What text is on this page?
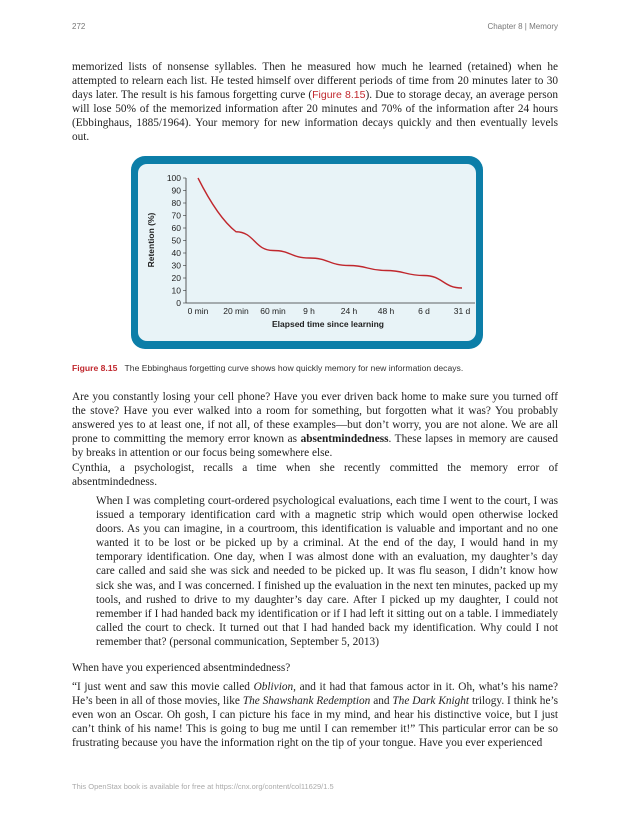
272	Chapter 8 | Memory

memorized lists of nonsense syllables. Then he measured how much he learned (retained) when he attempted to relearn each list. He tested himself over different periods of time from 20 minutes later to 30 days later. The result is his famous forgetting curve (Figure 8.15). Due to storage decay, an average person will lose 50% of the memorized information after 20 minutes and 70% of the information after 24 hours (Ebbinghaus, 1885/1964). Your memory for new information decays quickly and then eventually levels out.

100
90
80
70
60
50
40
30
20
10
0
0 min 20 min 60 min 9 h	24 h 48 h	6 d	31 d
Retention (%)
Elapsed time since learning
Figure 8.15 The Ebbinghaus forgetting curve shows how quickly memory for new information decays.

Are you constantly losing your cell phone? Have you ever driven back home to make sure you turned off the stove? Have you ever walked into a room for something, but forgotten what it was? You probably answered yes to at least one, if not all, of these examples—but don’t worry, you are not alone. We are all prone to committing the memory error known as absentmindedness. These lapses in memory are caused by breaks in attention or our focus being somewhere else.

Cynthia, a psychologist, recalls a time when she recently committed the memory error of absentmindedness.

When I was completing court-ordered psychological evaluations, each time I went to the court, I was issued a temporary identification card with a magnetic strip which would open otherwise locked doors. As you can imagine, in a courtroom, this identification is valuable and important and no one wanted it to be lost or be picked up by a criminal. At the end of the day, I would hand in my temporary identification. One day, when I was almost done with an evaluation, my daughter’s day care called and said she was sick and needed to be picked up. It was flu season, I didn’t know how sick she was, and I was concerned. I finished up the evaluation in the next ten minutes, packed up my tools, and rushed to drive to my daughter’s day care. After I picked up my daughter, I could not remember if I had handed back my identification or if I had left it sitting out on a table. I immediately called the court to check. It turned out that I had handed back my identification. Why could I not remember that? (personal communication, September 5, 2013)

When have you experienced absentmindedness?

“I just went and saw this movie called Oblivion, and it had that famous actor in it. Oh, what’s his name? He’s been in all of those movies, like The Shawshank Redemption and The Dark Knight trilogy. I think he’s even won an Oscar. Oh gosh, I can picture his face in my mind, and hear his distinctive voice, but I just can’t think of his name! This is going to bug me until I can remember it!” This particular error can be so frustrating because you have the information right on the tip of your tongue. Have you ever experienced

This OpenStax book is available for free at https://cnx.org/content/col11629/1.5
